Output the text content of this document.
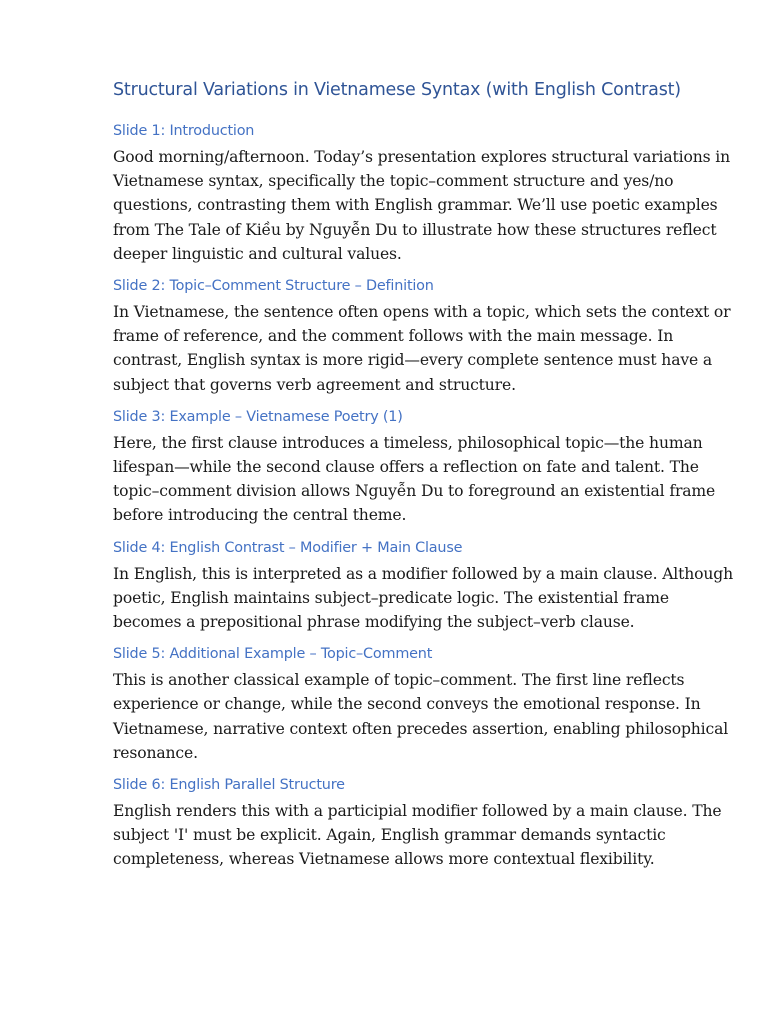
Structural Variations in Vietnamese Syntax (with English Contrast)
Slide 1: Introduction

Good morning/afternoon. Today’s presentation explores structural variations in Vietnamese syntax, specifically the topic–comment structure and yes/no questions, contrasting them with English grammar. We’ll use poetic examples from The Tale of Kiều by Nguyễn Du to illustrate how these structures reflect deeper linguistic and cultural values.

Slide 2: Topic–Comment Structure – Definition

In Vietnamese, the sentence often opens with a topic, which sets the context or frame of reference, and the comment follows with the main message. In contrast, English syntax is more rigid—every complete sentence must have a subject that governs verb agreement and structure.

Slide 3: Example – Vietnamese Poetry (1)

Here, the first clause introduces a timeless, philosophical topic—the human lifespan—while the second clause offers a reflection on fate and talent. The topic–comment division allows Nguyễn Du to foreground an existential frame before introducing the central theme.

Slide 4: English Contrast – Modifier + Main Clause

In English, this is interpreted as a modifier followed by a main clause. Although poetic, English maintains subject–predicate logic. The existential frame becomes a prepositional phrase modifying the subject–verb clause.

Slide 5: Additional Example – Topic–Comment

This is another classical example of topic–comment. The first line reflects experience or change, while the second conveys the emotional response. In Vietnamese, narrative context often precedes assertion, enabling philosophical resonance.

Slide 6: English Parallel Structure

English renders this with a participial modifier followed by a main clause. The subject 'I' must be explicit. Again, English grammar demands syntactic completeness, whereas Vietnamese allows more contextual flexibility.
